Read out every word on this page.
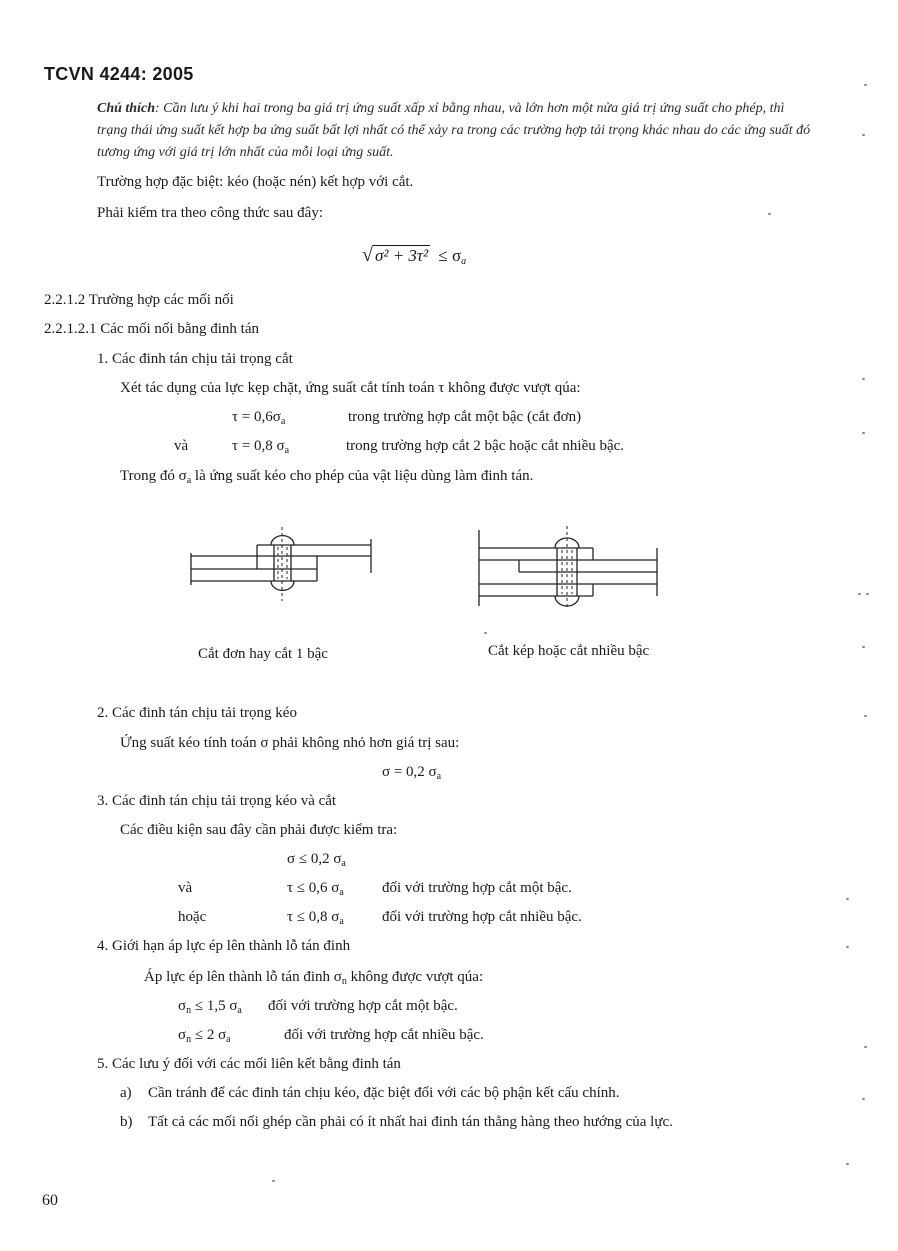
TCVN 4244: 2005
Chú thích: Cần lưu ý khi hai trong ba giá trị ứng suất xấp xỉ bằng nhau, và lớn hơn một nửa giá trị ứng suất cho phép, thì trạng thái ứng suất kết hợp ba ứng suất bất lợi nhất có thể xảy ra trong các trường hợp tải trọng khác nhau do các ứng suất đó tương ứng với giá trị lớn nhất của mỗi loại ứng suất.
Trường hợp đặc biệt: kéo (hoặc nén) kết hợp với cắt.
Phải kiểm tra theo công thức sau đây:
√ $\sigma^2 + 3\tau^2 \le \sigma_a$
2.2.1.2 Trường hợp các mối nối
2.2.1.2.1 Các mối nối bằng đinh tán
1. Các đinh tán chịu tải trọng cắt
Xét tác dụng của lực kẹp chặt, ứng suất cắt tính toán τ không được vượt qúa:
$\tau = 0,6\sigma_a$	trong trường hợp cắt một bậc (cắt đơn)
và	τ = 0,8 $\sigma_a$	trong trường hợp cắt 2 bậc hoặc cắt nhiều bậc.
Trong đó $\sigma_a$ là ứng suất kéo cho phép của vật liệu dùng làm đinh tán.
Cắt đơn hay cắt 1 bậc	Cắt kép hoặc cắt nhiều bậc
2. Các đinh tán chịu tải trọng kéo
Ứng suất kéo tính toán σ phải không nhỏ hơn giá trị sau:
σ = 0,2 $\sigma_a$
3. Các đinh tán chịu tải trọng kéo và cắt
Các điều kiện sau đây cần phải được kiểm tra:
σ ≤ 0,2 $\sigma_a$
và	τ ≤ 0,6 $\sigma_a$	đối với trường hợp cắt một bậc.
hoặc	τ ≤ 0,8 $\sigma_a$	đối với trường hợp cắt nhiều bậc.
4. Giới hạn áp lực ép lên thành lỗ tán đinh
Áp lực ép lên thành lỗ tán đinh $\sigma_n$ không được vượt qúa:
$\sigma_n \le 1,5$ $\sigma_a$ đối với trường hợp cắt một bậc.
$\sigma_n \le 2$ $\sigma_a$	đối với trường hợp cắt nhiều bậc.
5. Các lưu ý đối với các mối liên kết bằng đinh tán
a) Cần tránh để các đinh tán chịu kéo, đặc biệt đối với các bộ phận kết cấu chính.
b) Tất cả các mối nối ghép cần phải có ít nhất hai đinh tán thẳng hàng theo hướng của lực.
60
